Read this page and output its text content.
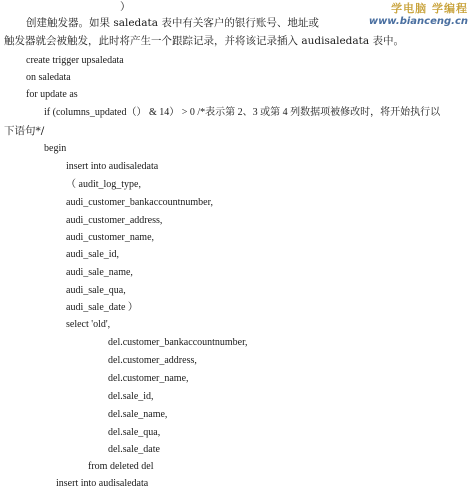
学电脑 学编程
www.bianceng.cn
）
创建触发器。如果 saledata 表中有关客户的银行账号、地址或
触发器就会被触发，此时将产生一个跟踪记录，并将该记录插入 audisaledata 表中。
create trigger upsaledata
on saledata
for update as
if (columns_updated（） & 14） > 0 /*表示第 2、3 或第 4 列数据项被修改时，将开始执行以
下语句*/
begin
insert into audisaledata
（ audit_log_type,
audi_customer_bankaccountnumber,
audi_customer_address,
audi_customer_name,
audi_sale_id,
audi_sale_name,
audi_sale_qua,
audi_sale_date ）
select 'old',
del.customer_bankaccountnumber,
del.customer_address,
del.customer_name,
del.sale_id,
del.sale_name,
del.sale_qua,
del.sale_date
from deleted del
insert into audisaledata
